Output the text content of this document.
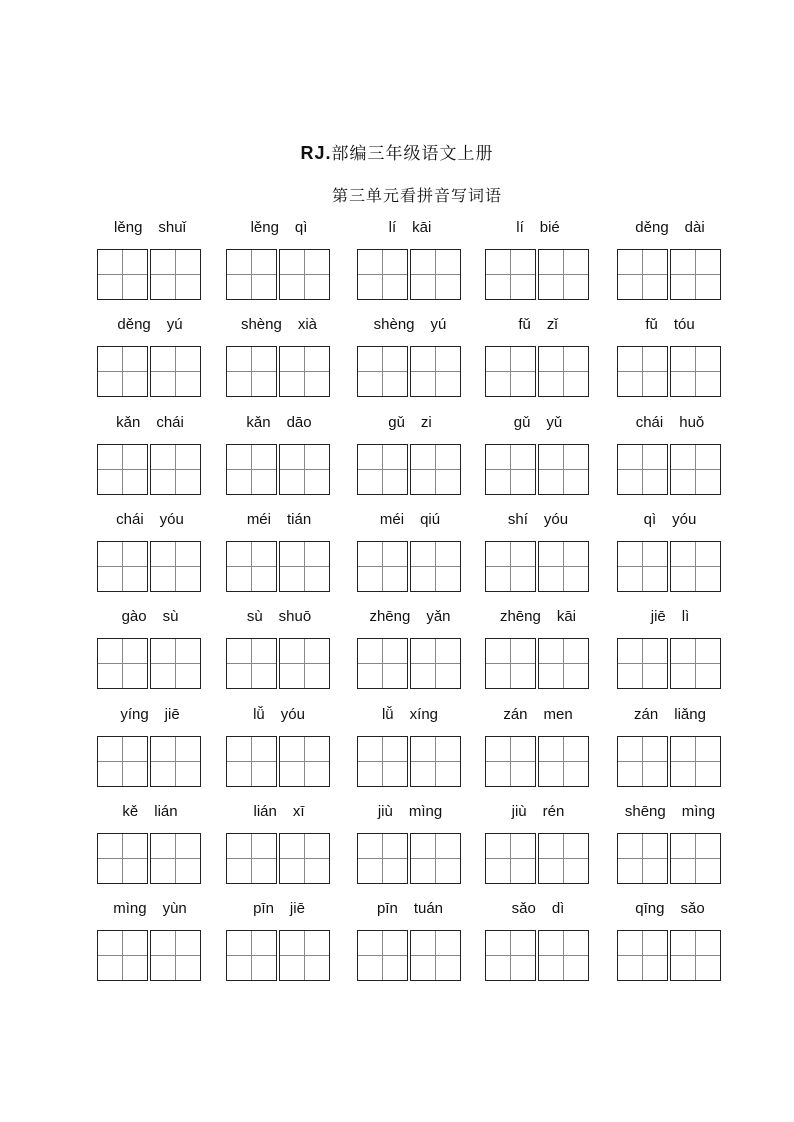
RJ.部编三年级语文上册
第三单元看拼音写词语
lěng shuǐ	lěng qì	lí kāi	lí bié	děng dài
děng yú	shèng xià	shèng yú	fǔ zǐ	fǔ tóu
kǎn chái	kǎn dāo	gǔ zi	gǔ yǔ	chái huǒ
chái yóu	méi tián	méi qiú	shí yóu	qì yóu
gào sù	sù shuō	zhēng yǎn	zhēng kāi	jiē lì
yíng jiē	lǚ yóu	lǚ xíng	zán men	zán liǎng
kě lián	lián xī	jiù mìng	jiù rén	shēng mìng
mìng yùn	pīn jiē	pīn tuán	sǎo dì	qīng sǎo
